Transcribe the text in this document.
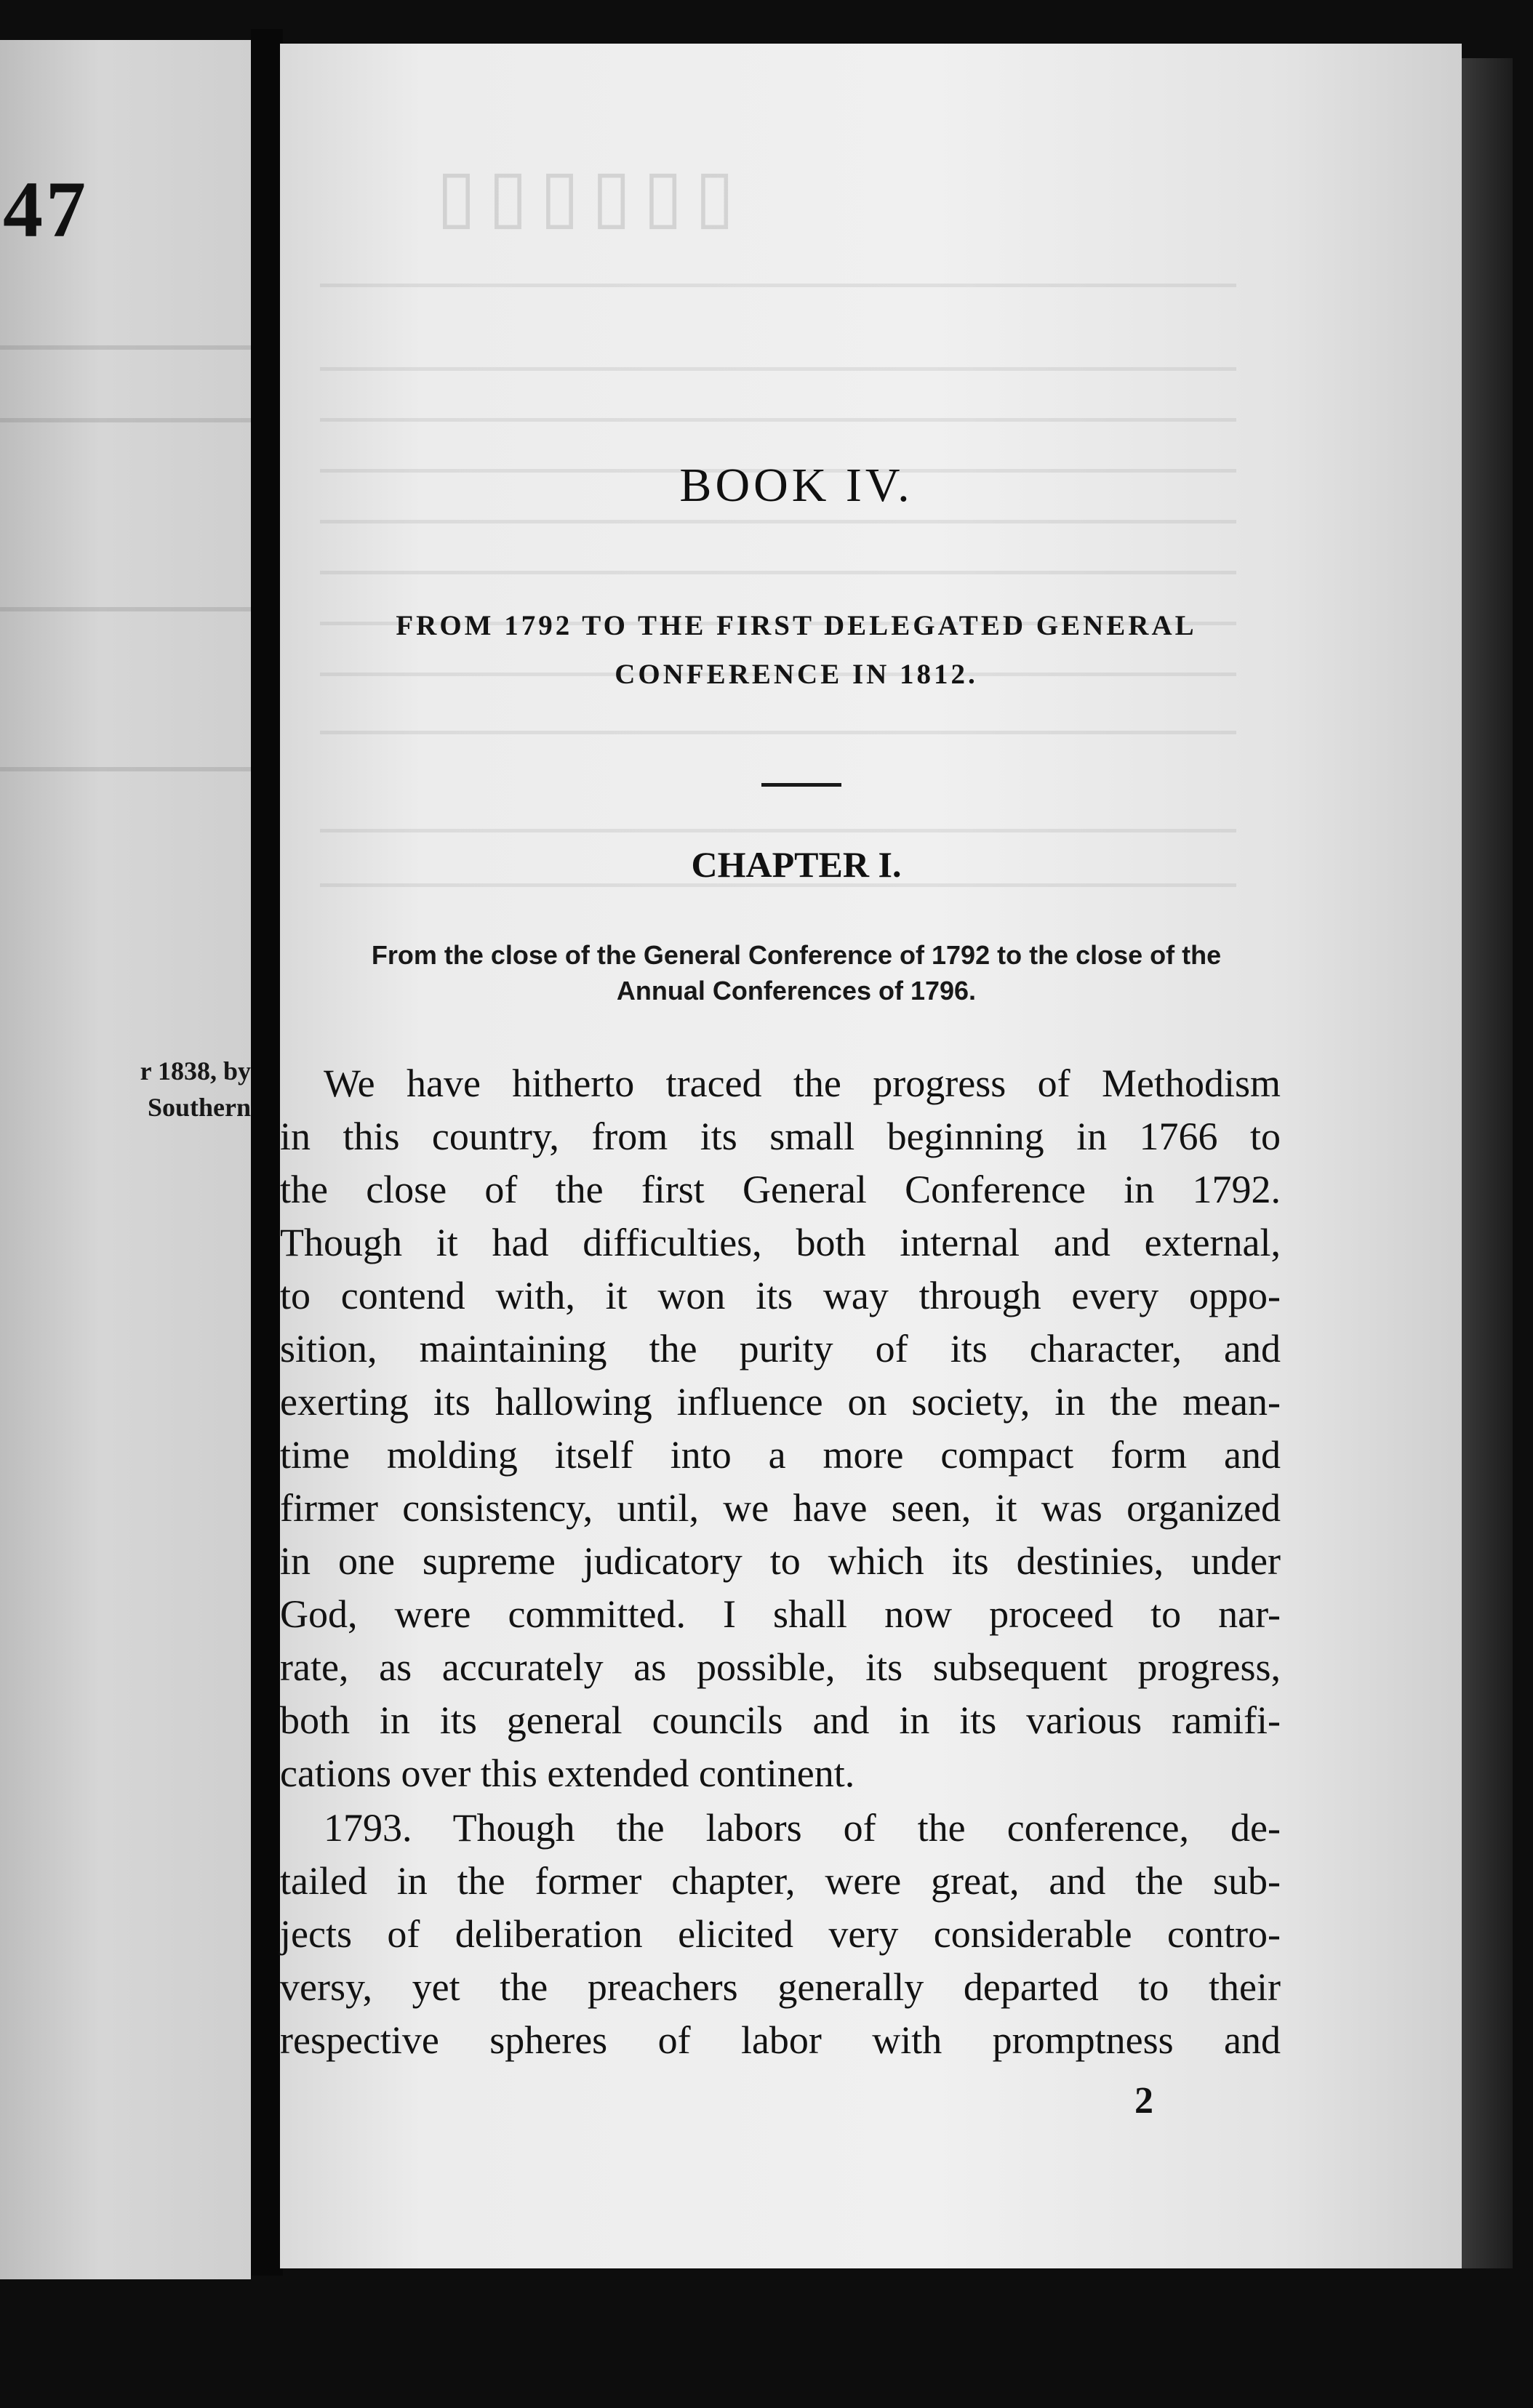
47
r 1838, by
Southern
▯▯▯▯▯▯
BOOK IV.
FROM 1792 TO THE FIRST DELEGATED GENERAL
CONFERENCE IN 1812.
CHAPTER I.
From the close of the General Conference of 1792 to the close of the
Annual Conferences of 1796.
We have hitherto traced the progress of Methodism
in this country, from its small beginning in 1766 to
the close of the first General Conference in 1792.
Though it had difficulties, both internal and external,
to contend with, it won its way through every oppo-
sition, maintaining the purity of its character, and
exerting its hallowing influence on society, in the mean-
time molding itself into a more compact form and
firmer consistency, until, we have seen, it was organized
in one supreme judicatory to which its destinies, under
God, were committed. I shall now proceed to nar-
rate, as accurately as possible, its subsequent progress,
both in its general councils and in its various ramifi-
cations over this extended continent.
1793. Though the labors of the conference, de-
tailed in the former chapter, were great, and the sub-
jects of deliberation elicited very considerable contro-
versy, yet the preachers generally departed to their
respective spheres of labor with promptness and
2
